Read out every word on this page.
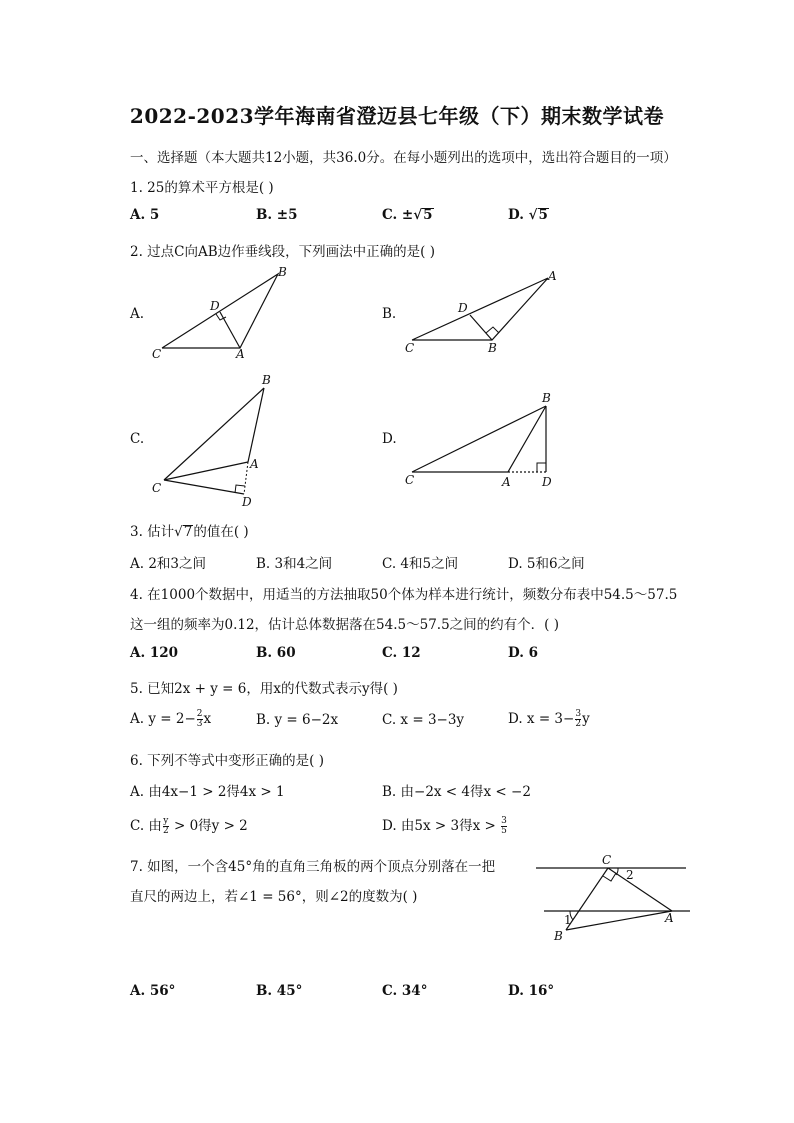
2022-2023学年海南省澄迈县七年级（下）期末数学试卷
一、选择题（本大题共12小题，共36.0分。在每小题列出的选项中，选出符合题目的一项）
1. 25的算术平方根是( )
A. 5	B. ±5	C. ±√5	D. √5
2. 过点C向AB边作垂线段，下列画法中正确的是( )
A.	B.
C.	D.
C	A
B
D
C	B
A
D
C
A
B
D
C	A	D
B
3. 估计√7的值在( )
A. 2和3之间	B. 3和4之间	C. 4和5之间	D. 5和6之间
4. 在1000个数据中，用适当的方法抽取50个体为样本进行统计，频数分布表中54.5～57.5
这一组的频率为0.12，估计总体数据落在54.5～57.5之间的约有个．( )
A. 120	B. 60	C. 12	D. 6
5. 已知2x + y = 6，用x的代数式表示y得( )
A. $y = 2- \frac{2}{3}$ x	B. y = 6−2x	C. x = 3−3y	D. $x = 3- \frac{3}{2}$ y
6. 下列不等式中变形正确的是( )
A. 由4x−1 > 2得4x > 1	B. 由−2x < 4得x < −2
C. 由 $\frac{y}{2} > 0$得y > 2	D. 由5x > 3得$x > \frac{3}{5}$
7. 如图，一个含45°角的直角三角板的两个顶点分别落在一把
直尺的两边上，若∠1 = 56°，则∠2的度数为( )
C
A
B
1
2
A. 56°	B. 45°	C. 34°	D. 16°
